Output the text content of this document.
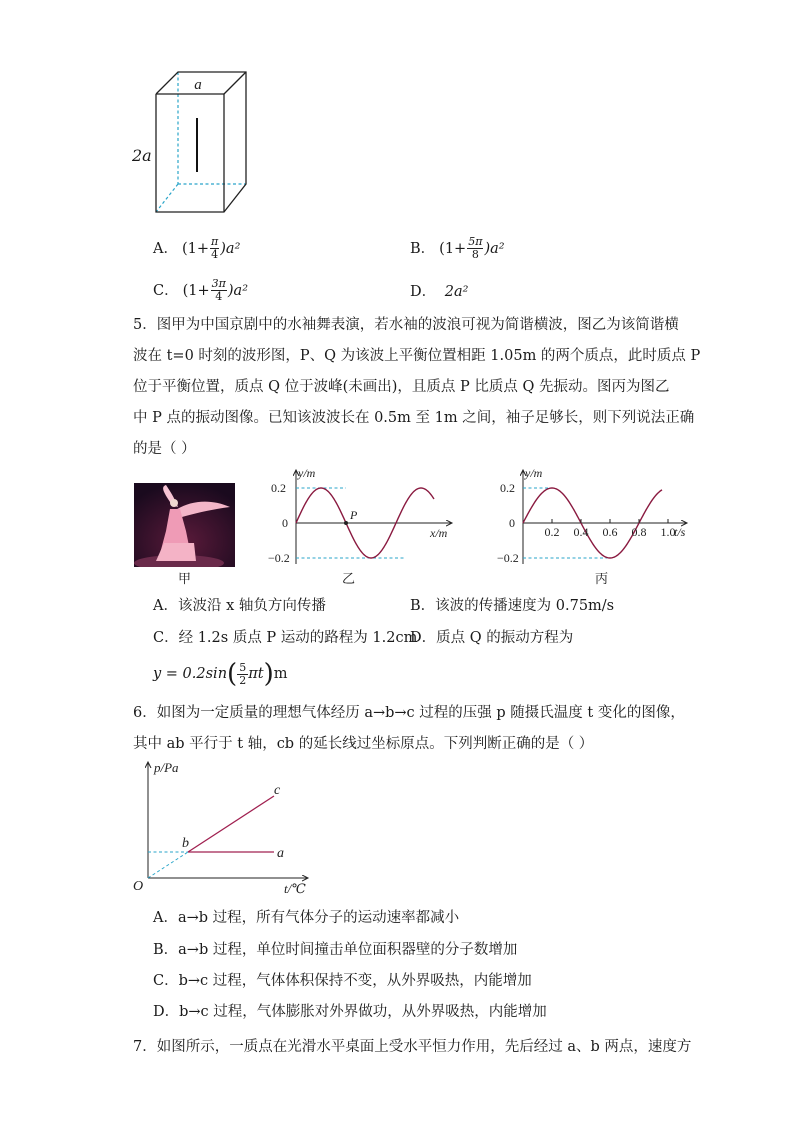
a
2a
A． $(1+ \frac{\pi}{4} )a^2$	B． $(1+ \frac{5\pi}{8} )a^2$
C． $(1+ \frac{3\pi}{4} )a^2$	D． 2a²
5．图甲为中国京剧中的水袖舞表演，若水袖的波浪可视为简谐横波，图乙为该简谐横
波在 t=0 时刻的波形图，P、Q 为该波上平衡位置相距 1.05m 的两个质点，此时质点 P
位于平衡位置，质点 Q 位于波峰(未画出)，且质点 P 比质点 Q 先振动。图丙为图乙
中 P 点的振动图像。已知该波波长在 0.5m 至 1m 之间，袖子足够长，则下列说法正确
的是（ ）
甲
y/m
x/m
0.2
−0.2
0
P
乙
0.2 0.4 0.6 0.8 1.0
y/m
t/s
0.2
−0.2
0
丙
A．该波沿 x 轴负方向传播	B．该波的传播速度为 0.75m/s
C．经 1.2s 质点 P 运动的路程为 1.2cm
D．质点 Q 的振动方程为
y = 0.2sin ( 5
2 πt ) m
6．如图为一定质量的理想气体经历 a→b→c 过程的压强 p 随摄氏温度 t 变化的图像，
其中 ab 平行于 t 轴，cb 的延长线过坐标原点。下列判断正确的是（ ）
p/Pa
t/℃
O
a
b
c
A．a→b 过程，所有气体分子的运动速率都减小
B．a→b 过程，单位时间撞击单位面积器壁的分子数增加
C．b→c 过程，气体体积保持不变，从外界吸热，内能增加
D．b→c 过程，气体膨胀对外界做功，从外界吸热，内能增加
7．如图所示，一质点在光滑水平桌面上受水平恒力作用，先后经过 a、b 两点，速度方
